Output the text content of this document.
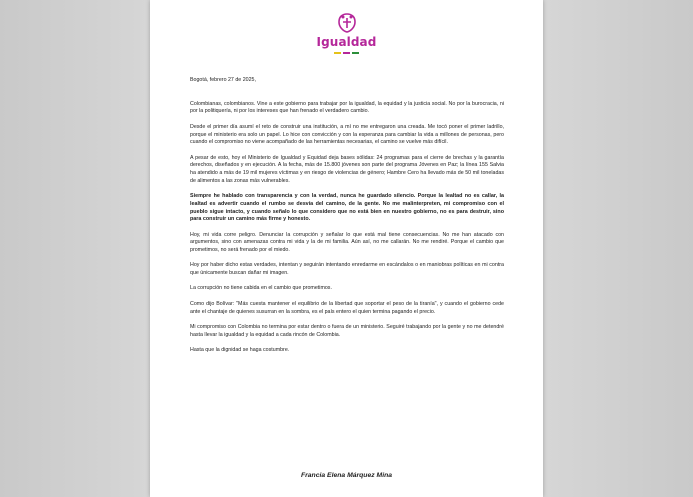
Igualdad

Bogotá, febrero 27 de 2025,

Colombianas, colombianos. Vine a este gobierno para trabajar por la igualdad, la equidad y la justicia social. No por la burocracia, ni por la politiquería, ni por los intereses que han frenado el verdadero cambio.

Desde el primer día asumí el reto de construir una institución, a mí no me entregaron una creada. Me tocó poner el primer ladrillo, porque el ministerio era solo un papel. Lo hice con convicción y con la esperanza para cambiar la vida a millones de personas, pero cuando el compromiso no viene acompañado de las herramientas necesarias, el camino se vuelve más difícil.

A pesar de esto, hoy el Ministerio de Igualdad y Equidad deja bases sólidas: 24 programas para el cierre de brechas y la garantía derechos, diseñados y en ejecución. A la fecha, más de 15.800 jóvenes son parte del programa Jóvenes en Paz; la línea 155 Salvia ha atendido a más de 19 mil mujeres víctimas y en riesgo de violencias de género; Hambre Cero ha llevado más de 50 mil toneladas de alimentos a las zonas más vulnerables.

Siempre he hablado con transparencia y con la verdad, nunca he guardado silencio. Porque la lealtad no es callar, la lealtad es advertir cuando el rumbo se desvía del camino, de la gente. No me malinterpreten, mi compromiso con el pueblo sigue intacto, y cuando señalo lo que considero que no está bien en nuestro gobierno, no es para destruir, sino para construir un camino más firme y honesto.

Hoy, mi vida corre peligro. Denunciar la corrupción y señalar lo que está mal tiene consecuencias. No me han atacado con argumentos, sino con amenazas contra mi vida y la de mi familia. Aún así, no me callarán. No me rendiré. Porque el cambio que prometimos, no será frenado por el miedo.

Hoy por haber dicho estas verdades, intentan y seguirán intentando enredarme en escándalos o en maniobras políticas en mi contra que únicamente buscan dañar mi imagen.

La corrupción no tiene cabida en el cambio que prometimos.

Como dijo Bolívar: "Más cuesta mantener el equilibrio de la libertad que soportar el peso de la tiranía", y cuando el gobierno cede ante el chantaje de quienes susurran en la sombra, es el país entero el quien termina pagando el precio.

Mi compromiso con Colombia no termina por estar dentro o fuera de un ministerio. Seguiré trabajando por la gente y no me detendré hasta llevar la igualdad y la equidad a cada rincón de Colombia.

Hasta que la dignidad se haga costumbre.

Francia Elena Márquez Mina
